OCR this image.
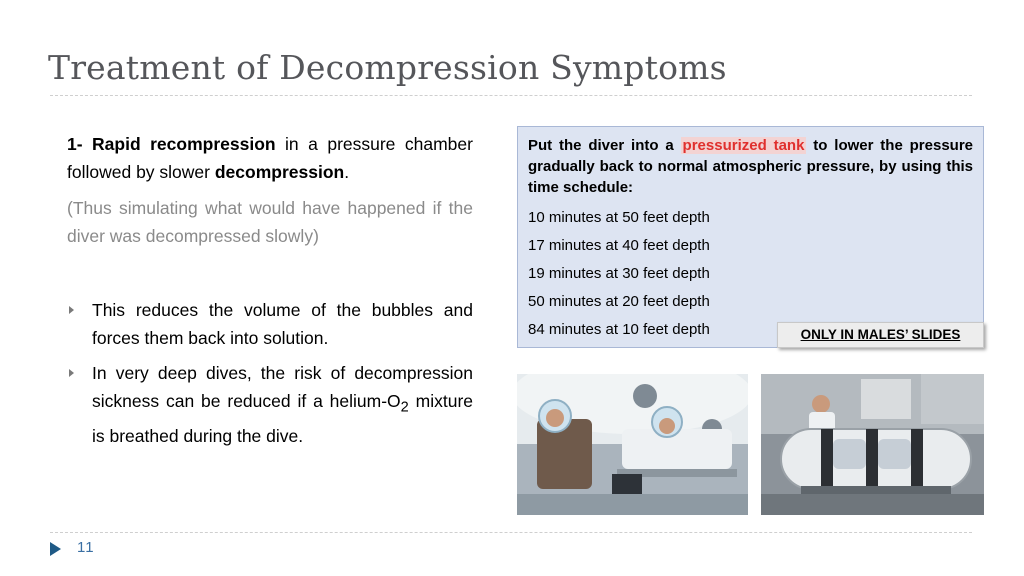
Treatment of Decompression Symptoms

1- Rapid recompression in a pressure chamber followed by slower decompression.

(Thus simulating what would have happened if the diver was decompressed slowly)

This reduces the volume of the bubbles and forces them back into solution.
In very deep dives, the risk of decompression sickness can be reduced if a helium-$O_2$ mixture is breathed during the dive.

Put the diver into a pressurized tank to lower the pressure gradually back to normal atmospheric pressure, by using this time schedule:

10 minutes at 50 feet depth
17 minutes at 40 feet depth
19 minutes at 30 feet depth
50 minutes at 20 feet depth
84 minutes at 10 feet depth	ONLY IN MALES’ SLIDES
11
